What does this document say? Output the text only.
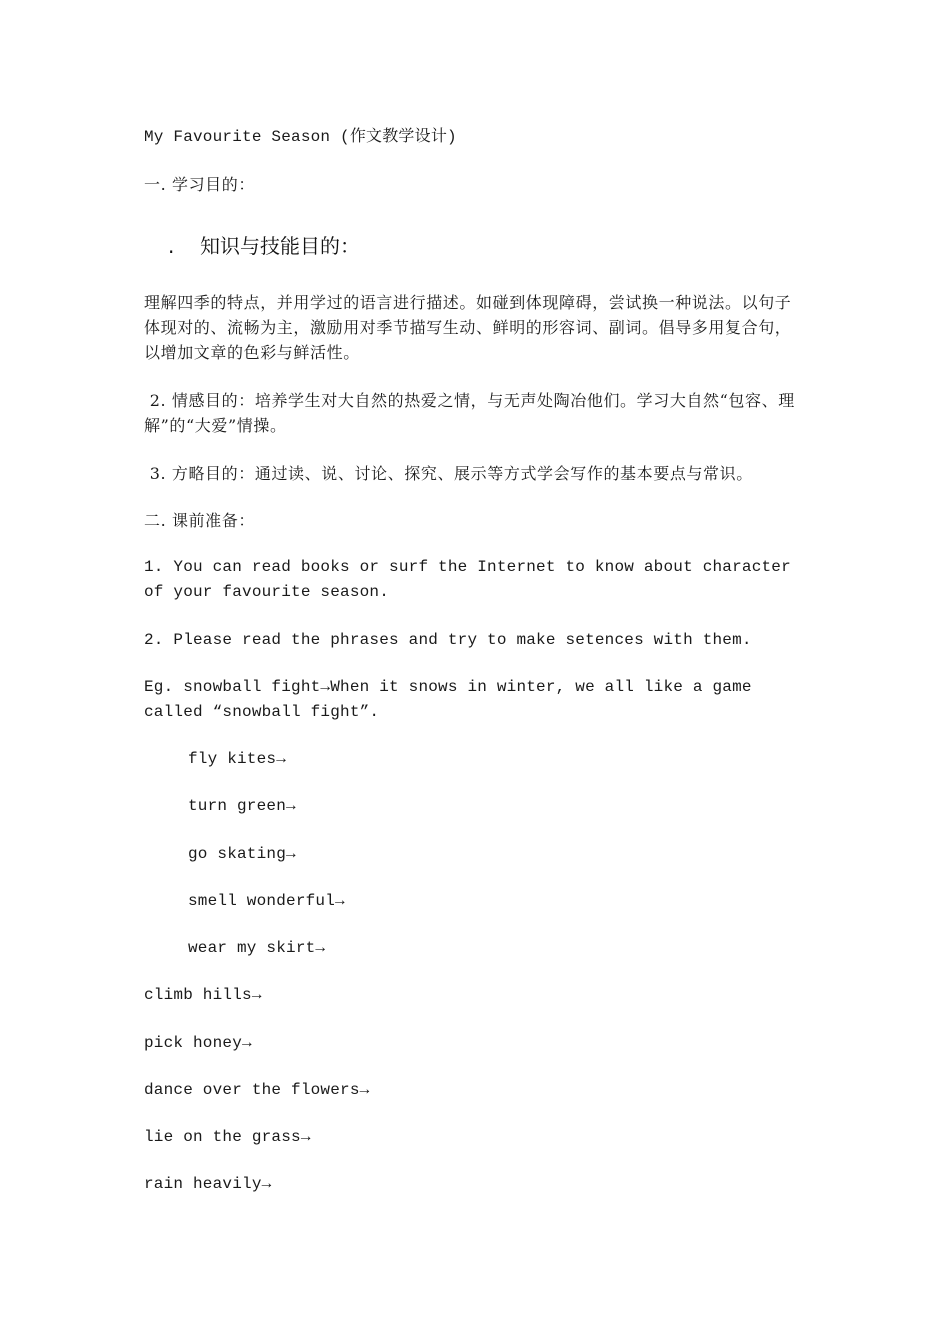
My Favourite Season (作文教学设计)
一. 学习目的：
. 知识与技能目的：
理解四季的特点，并用学过的语言进行描述。如碰到体现障碍，尝试换一种说法。以句子体现对的、流畅为主，激励用对季节描写生动、鲜明的形容词、副词。倡导多用复合句，以增加文章的色彩与鲜活性。
2. 情感目的：培养学生对大自然的热爱之情，与无声处陶冶他们。学习大自然“包容、理解”的“大爱”情操。
3. 方略目的：通过读、说、讨论、探究、展示等方式学会写作的基本要点与常识。
二. 课前准备：
1. You can read books or surf the Internet to know about character of your favourite season.
2. Please read the phrases and try to make setences with them.
Eg. snowball fight→When it snows in winter, we all like a game called “snowball fight”.
fly kites→
turn green→
go skating→
smell wonderful→
wear my skirt→
climb hills→
pick honey→
dance over the flowers→
lie on the grass→
rain heavily→
